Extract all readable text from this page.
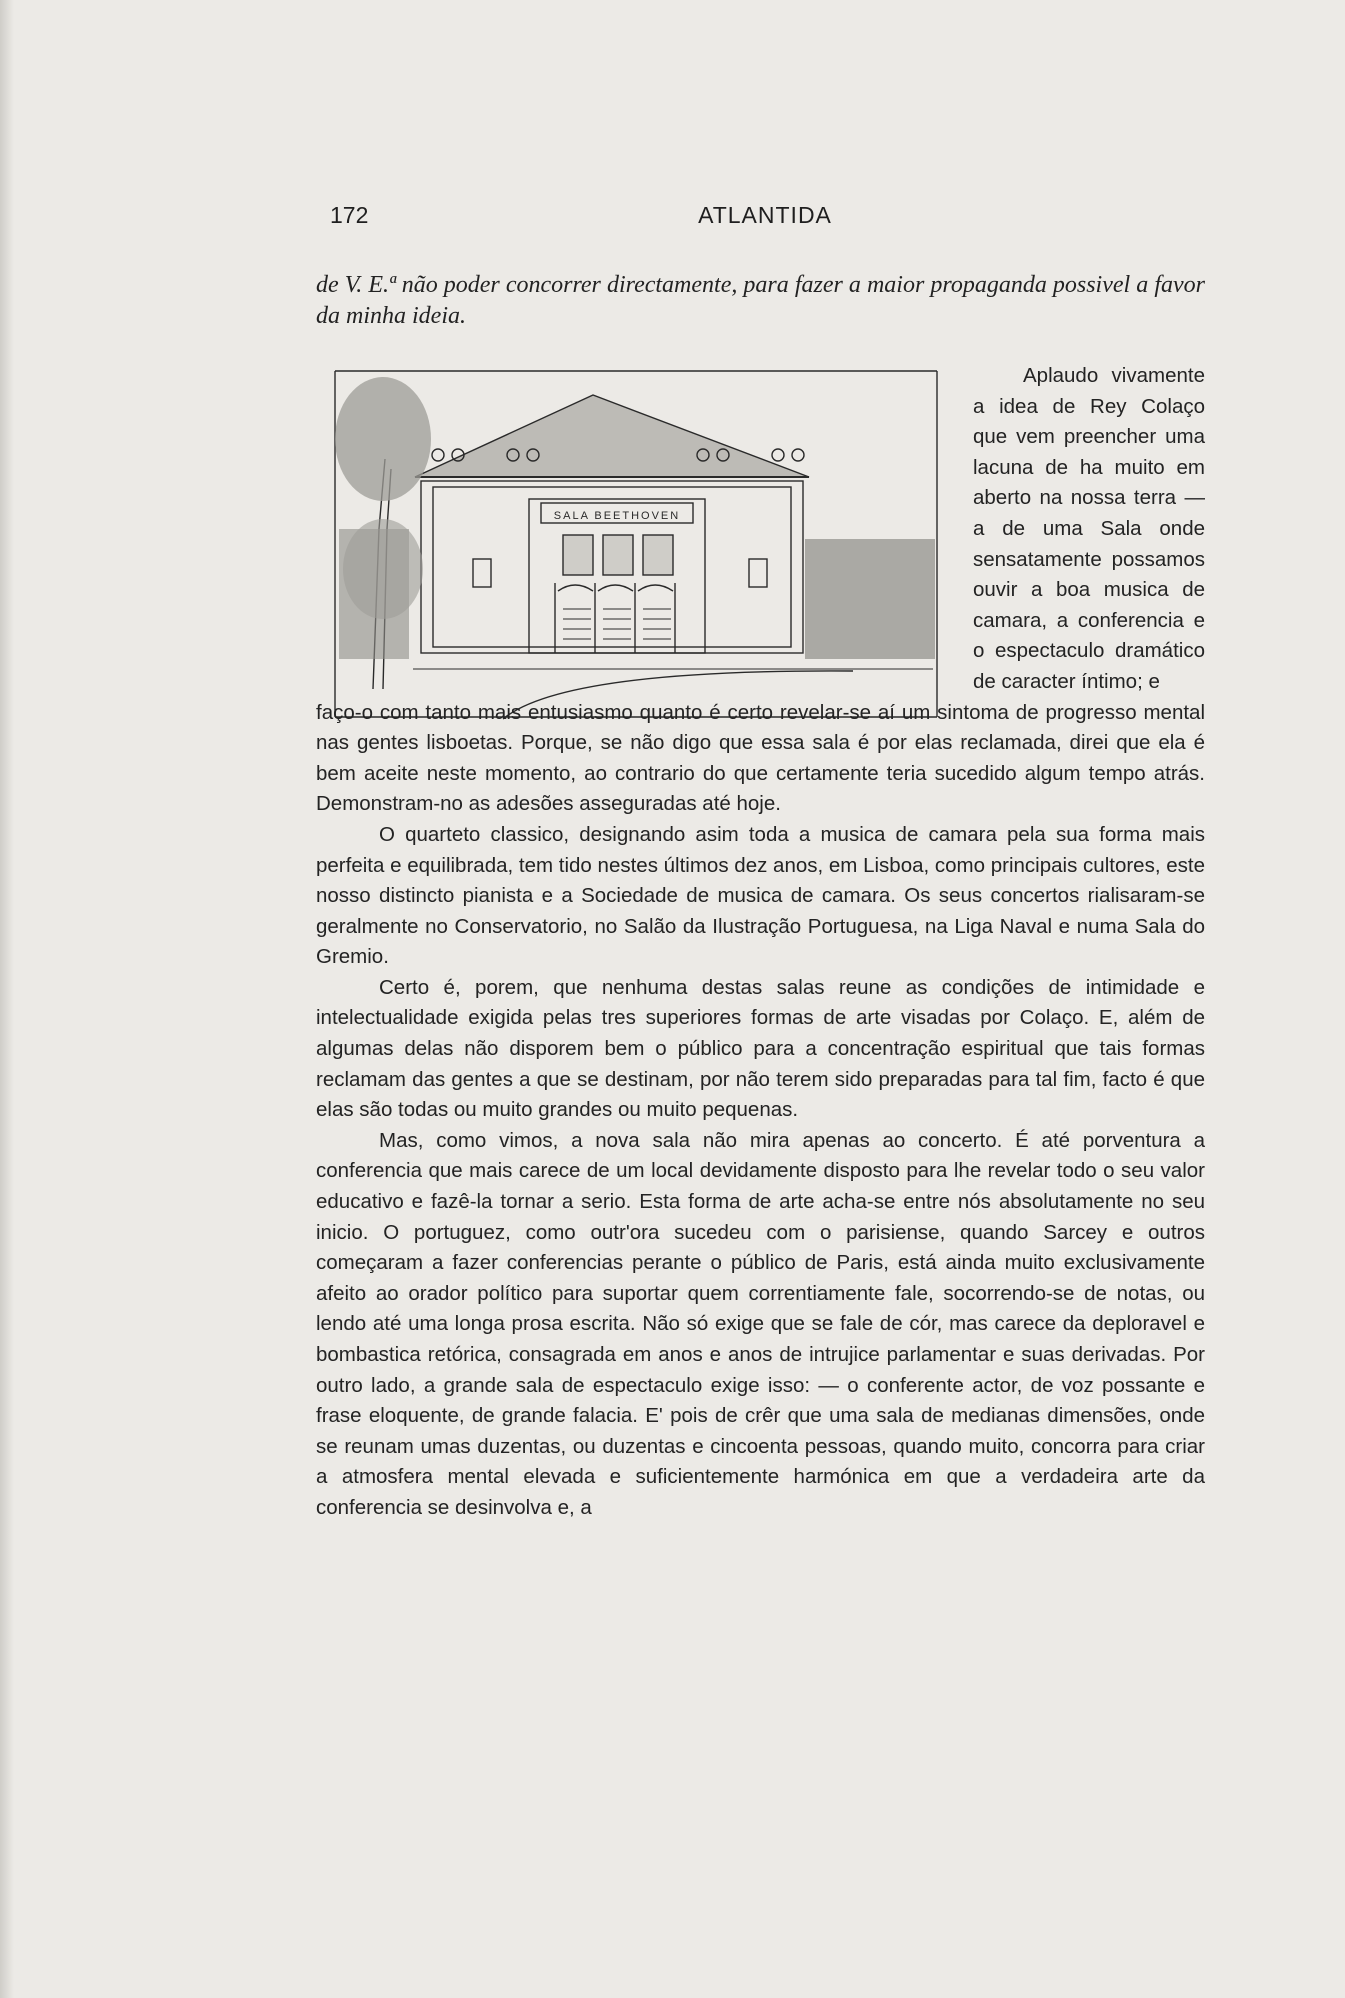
172	ATLANTIDA
de V. E.ª não poder concorrer directamente, para fazer a maior propaganda possivel a favor da minha ideia.
SALA BEETHOVEN

Aplaudo vivamente a idea de Rey Colaço que vem preencher uma lacuna de ha muito em aberto na nossa terra — a de uma Sala onde sensatamente possamos ouvir a boa musica de camara, a conferencia e o espectaculo dramático de caracter íntimo; e

faço-o com tanto mais entusiasmo quanto é certo revelar-se aí um sintoma de progresso mental nas gentes lisboetas. Porque, se não digo que essa sala é por elas reclamada, direi que ela é bem aceite neste momento, ao contrario do que certamente teria sucedido algum tempo atrás. Demonstram-no as adesões asseguradas até hoje.

O quarteto classico, designando asim toda a musica de camara pela sua forma mais perfeita e equilibrada, tem tido nestes últimos dez anos, em Lisboa, como principais cultores, este nosso distincto pianista e a Sociedade de musica de camara. Os seus concertos rialisaram-se geralmente no Conservatorio, no Salão da Ilustração Portuguesa, na Liga Naval e numa Sala do Gremio.

Certo é, porem, que nenhuma destas salas reune as condições de intimidade e intelectualidade exigida pelas tres superiores formas de arte visadas por Colaço. E, além de algumas delas não disporem bem o público para a concentração espiritual que tais formas reclamam das gentes a que se destinam, por não terem sido preparadas para tal fim, facto é que elas são todas ou muito grandes ou muito pequenas.

Mas, como vimos, a nova sala não mira apenas ao concerto. É até porventura a conferencia que mais carece de um local devidamente disposto para lhe revelar todo o seu valor educativo e fazê-la tornar a serio. Esta forma de arte acha-se entre nós absolutamente no seu inicio. O portuguez, como outr'ora sucedeu com o parisiense, quando Sarcey e outros começaram a fazer conferencias perante o público de Paris, está ainda muito exclusivamente afeito ao orador político para suportar quem correntiamente fale, socorrendo-se de notas, ou lendo até uma longa prosa escrita. Não só exige que se fale de cór, mas carece da deploravel e bombastica retórica, consagrada em anos e anos de intrujice parlamentar e suas derivadas. Por outro lado, a grande sala de espectaculo exige isso: — o conferente actor, de voz possante e frase eloquente, de grande falacia. E' pois de crêr que uma sala de medianas dimensões, onde se reunam umas duzentas, ou duzentas e cincoenta pessoas, quando muito, concorra para criar a atmosfera mental elevada e suficientemente harmónica em que a verdadeira arte da conferencia se desinvolva e, a
